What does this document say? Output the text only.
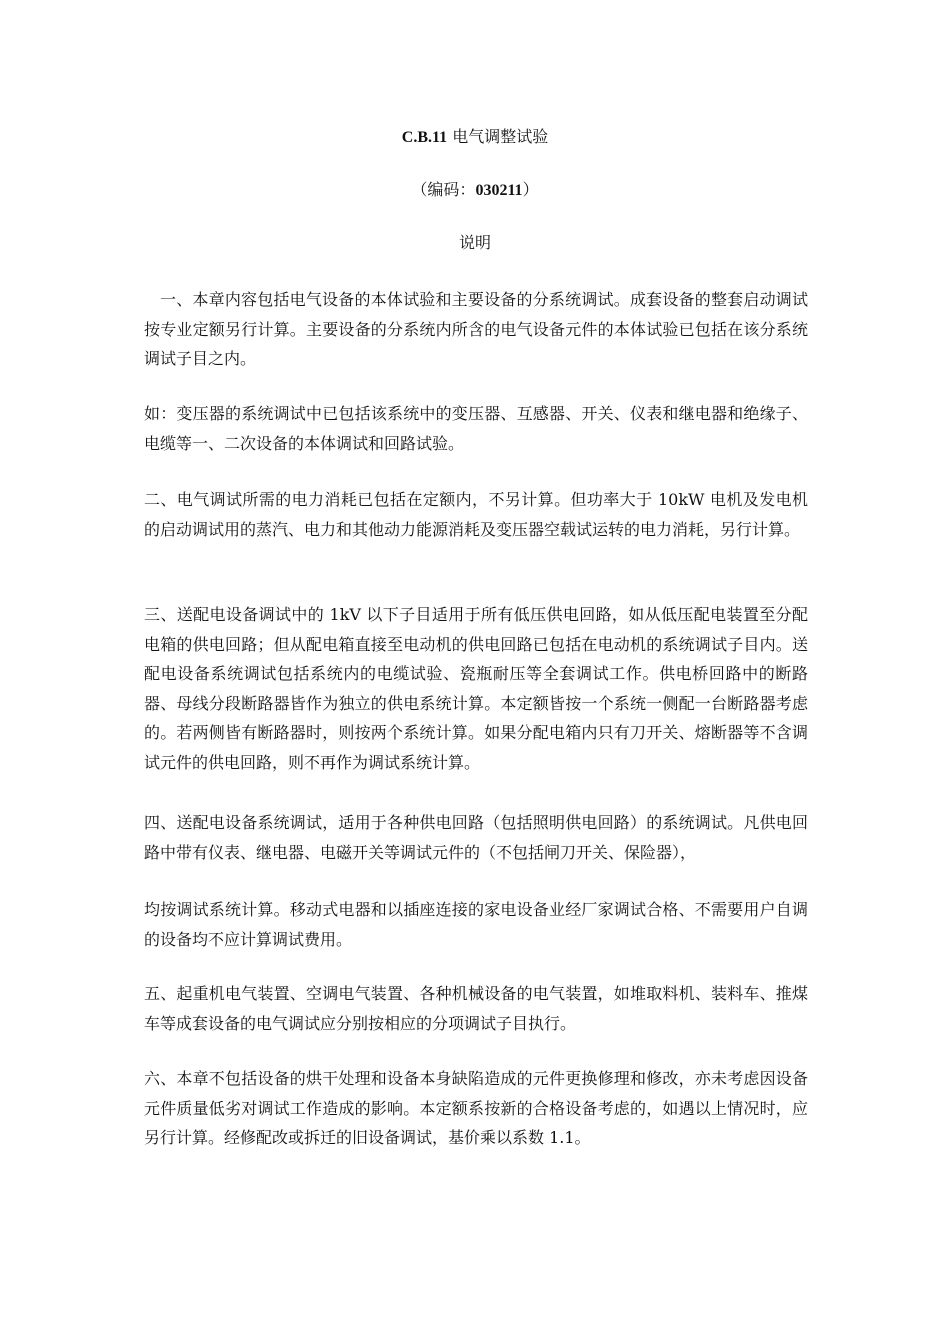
C.B.11 电气调整试验
（编码：030211）
说明

一、本章内容包括电气设备的本体试验和主要设备的分系统调试。成套设备的整套启动调试按专业定额另行计算。主要设备的分系统内所含的电气设备元件的本体试验已包括在该分系统调试子目之内。

如：变压器的系统调试中已包括该系统中的变压器、互感器、开关、仪表和继电器和绝缘子、电缆等一、二次设备的本体调试和回路试验。

二、电气调试所需的电力消耗已包括在定额内，不另计算。但功率大于 10kW 电机及发电机的启动调试用的蒸汽、电力和其他动力能源消耗及变压器空载试运转的电力消耗，另行计算。

三、送配电设备调试中的 1kV 以下子目适用于所有低压供电回路，如从低压配电装置至分配电箱的供电回路；但从配电箱直接至电动机的供电回路已包括在电动机的系统调试子目内。送配电设备系统调试包括系统内的电缆试验、瓷瓶耐压等全套调试工作。供电桥回路中的断路器、母线分段断路器皆作为独立的供电系统计算。本定额皆按一个系统一侧配一台断路器考虑的。若两侧皆有断路器时，则按两个系统计算。如果分配电箱内只有刀开关、熔断器等不含调试元件的供电回路，则不再作为调试系统计算。

四、送配电设备系统调试，适用于各种供电回路（包括照明供电回路）的系统调试。凡供电回路中带有仪表、继电器、电磁开关等调试元件的（不包括闸刀开关、保险器），

均按调试系统计算。移动式电器和以插座连接的家电设备业经厂家调试合格、不需要用户自调的设备均不应计算调试费用。

五、起重机电气装置、空调电气装置、各种机械设备的电气装置，如堆取料机、装料车、推煤车等成套设备的电气调试应分别按相应的分项调试子目执行。

六、本章不包括设备的烘干处理和设备本身缺陷造成的元件更换修理和修改，亦未考虑因设备元件质量低劣对调试工作造成的影响。本定额系按新的合格设备考虑的，如遇以上情况时，应另行计算。经修配改或拆迁的旧设备调试，基价乘以系数 1.1。
